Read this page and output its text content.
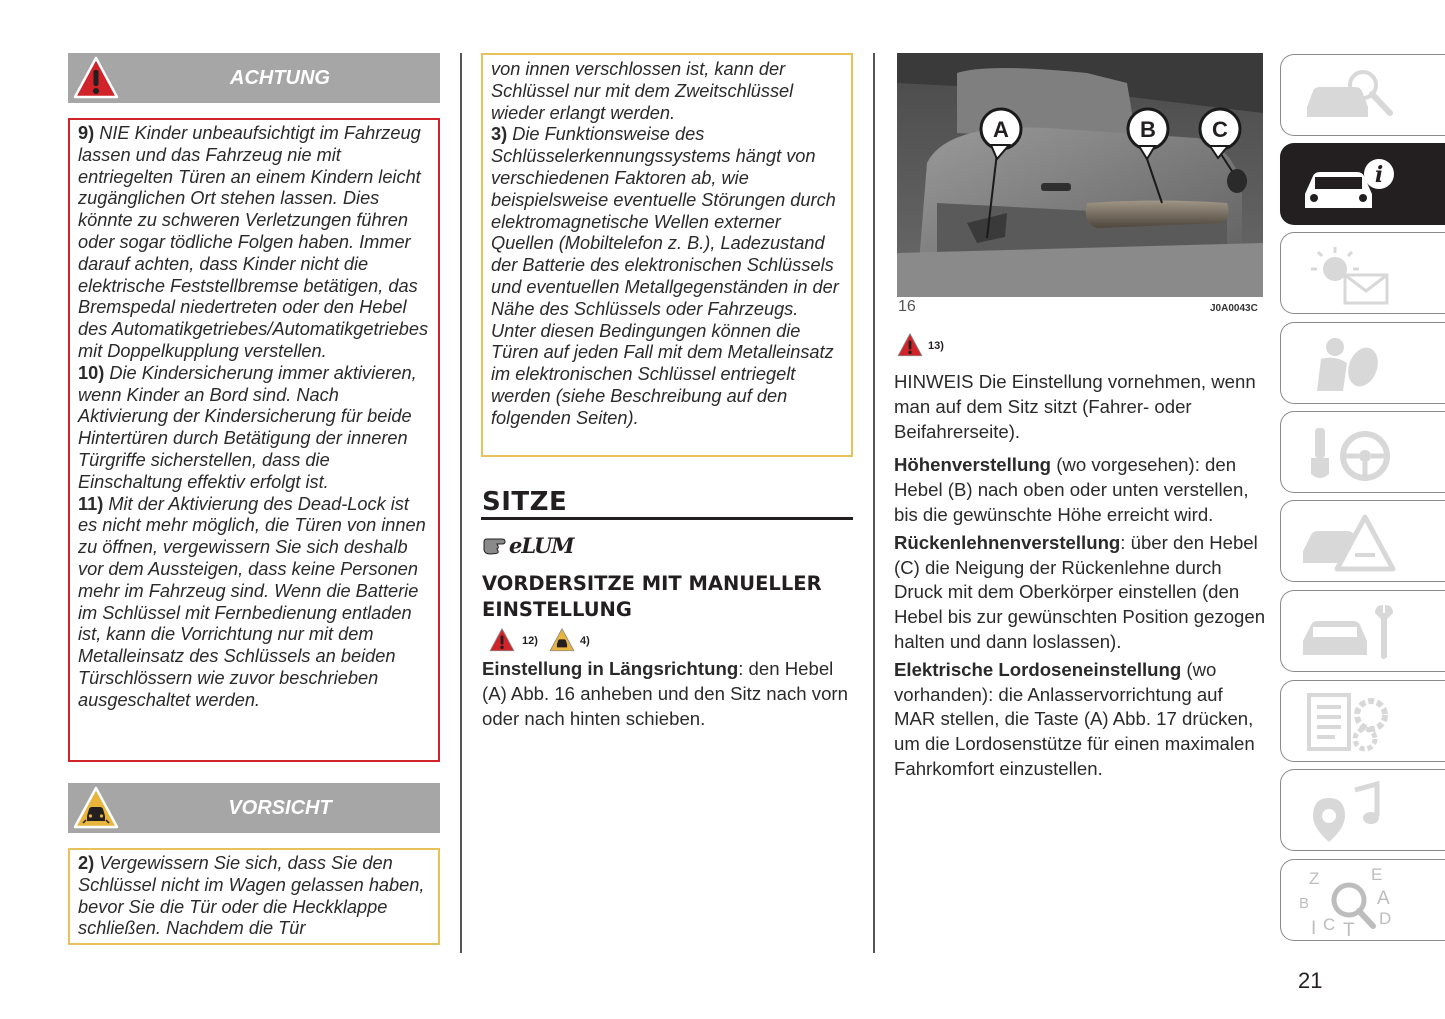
ACHTUNG

9) NIE Kinder unbeaufsichtigt im Fahrzeug lassen und das Fahrzeug nie mit entriegelten Türen an einem Kindern leicht zugänglichen Ort stehen lassen. Dies könnte zu schweren Verletzungen führen oder sogar tödliche Folgen haben. Immer darauf achten, dass Kinder nicht die elektrische Feststellbremse betätigen, das Bremspedal niedertreten oder den Hebel des Automatikgetriebes/Automatikgetriebes mit Doppelkupplung verstellen.

10) Die Kindersicherung immer aktivieren, wenn Kinder an Bord sind. Nach Aktivierung der Kindersicherung für beide Hintertüren durch Betätigung der inneren Türgriffe sicherstellen, dass die Einschaltung effektiv erfolgt ist.

11) Mit der Aktivierung des Dead-Lock ist es nicht mehr möglich, die Türen von innen zu öffnen, vergewissern Sie sich deshalb vor dem Aussteigen, dass keine Personen mehr im Fahrzeug sind. Wenn die Batterie im Schlüssel mit Fernbedienung entladen ist, kann die Vorrichtung nur mit dem Metalleinsatz des Schlüssels an beiden Türschlössern wie zuvor beschrieben ausgeschaltet werden.

VORSICHT

2) Vergewissern Sie sich, dass Sie den Schlüssel nicht im Wagen gelassen haben, bevor Sie die Tür oder die Heckklappe schließen. Nachdem die Tür

von innen verschlossen ist, kann der Schlüssel nur mit dem Zweitschlüssel wieder erlangt werden.

3) Die Funktionsweise des Schlüsselerkennungssystems hängt von verschiedenen Faktoren ab, wie beispielsweise eventuelle Störungen durch elektromagnetische Wellen externer Quellen (Mobiltelefon z. B.), Ladezustand der Batterie des elektronischen Schlüssels und eventuellen Metallgegenständen in der Nähe des Schlüssels oder Fahrzeugs. Unter diesen Bedingungen können die Türen auf jeden Fall mit dem Metalleinsatz im elektronischen Schlüssel entriegelt werden (siehe Beschreibung auf den folgenden Seiten).

SITZE
eLUM
VORDERSITZE MIT MANUELLER
EINSTELLUNG
12)	4)

Einstellung in Längsrichtung: den Hebel (A) Abb. 16 anheben und den Sitz nach vorn oder nach hinten schieben.

A	B	C
16	J0A0043C
13)

HINWEIS Die Einstellung vornehmen, wenn man auf dem Sitz sitzt (Fahrer- oder Beifahrerseite).

Höhenverstellung (wo vorgesehen): den Hebel (B) nach oben oder unten verstellen, bis die gewünschte Höhe erreicht wird.

Rückenlehnenverstellung: über den Hebel (C) die Neigung der Rückenlehne durch Druck mit dem Oberkörper einstellen (den Hebel bis zur gewünschten Position gezogen halten und dann loslassen).

Elektrische Lordoseneinstellung (wo vorhanden): die Anlasservorrichtung auf MAR stellen, die Taste (A) Abb. 17 drücken, um die Lordosenstütze für einen maximalen Fahrkomfort einzustellen.

i
Z	E
B	A
I C T
D
21
